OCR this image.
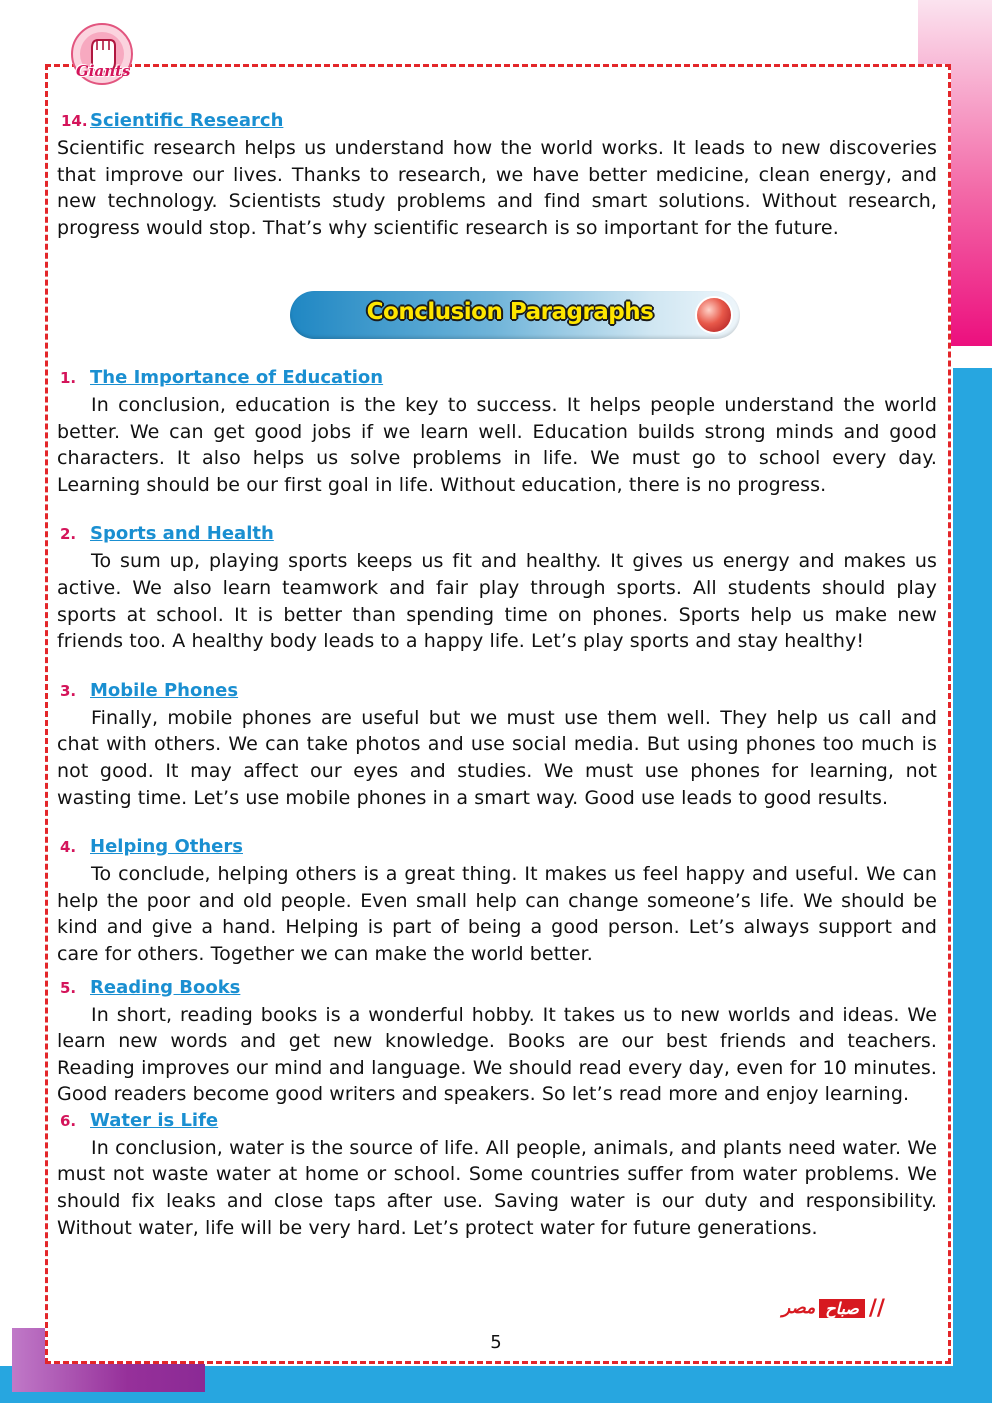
Giants
14. Scientific Research

Scientific research helps us understand how the world works. It leads to new discoveries that improve our lives. Thanks to research, we have better medicine, clean energy, and new technology. Scientists study problems and find smart solutions. Without research, progress would stop. That’s why scientific research is so important for the future.

Conclusion Paragraphs
1. The Importance of Education

In conclusion, education is the key to success. It helps people understand the world better. We can get good jobs if we learn well. Education builds strong minds and good characters. It also helps us solve problems in life. We must go to school every day. Learning should be our first goal in life. Without education, there is no progress.

2. Sports and Health

To sum up, playing sports keeps us fit and healthy. It gives us energy and makes us active. We also learn teamwork and fair play through sports. All students should play sports at school. It is better than spending time on phones. Sports help us make new friends too. A healthy body leads to a happy life. Let’s play sports and stay healthy!

3. Mobile Phones

Finally, mobile phones are useful but we must use them well. They help us call and chat with others. We can take photos and use social media. But using phones too much is not good. It may affect our eyes and studies. We must use phones for learning, not wasting time. Let’s use mobile phones in a smart way. Good use leads to good results.

4. Helping Others

To conclude, helping others is a great thing. It makes us feel happy and useful. We can help the poor and old people. Even small help can change someone’s life. We should be kind and give a hand. Helping is part of being a good person. Let’s always support and care for others. Together we can make the world better.

5. Reading Books

In short, reading books is a wonderful hobby. It takes us to new worlds and ideas. We learn new words and get new knowledge. Books are our best friends and teachers. Reading improves our mind and language. We should read every day, even for 10 minutes. Good readers become good writers and speakers. So let’s read more and enjoy learning.

6. Water is Life

In conclusion, water is the source of life. All people, animals, and plants need water. We must not waste water at home or school. Some countries suffer from water problems. We should fix leaks and close taps after use. Saving water is our duty and responsibility. Without water, life will be very hard. Let’s protect water for future generations.

مصر صباح //
5
